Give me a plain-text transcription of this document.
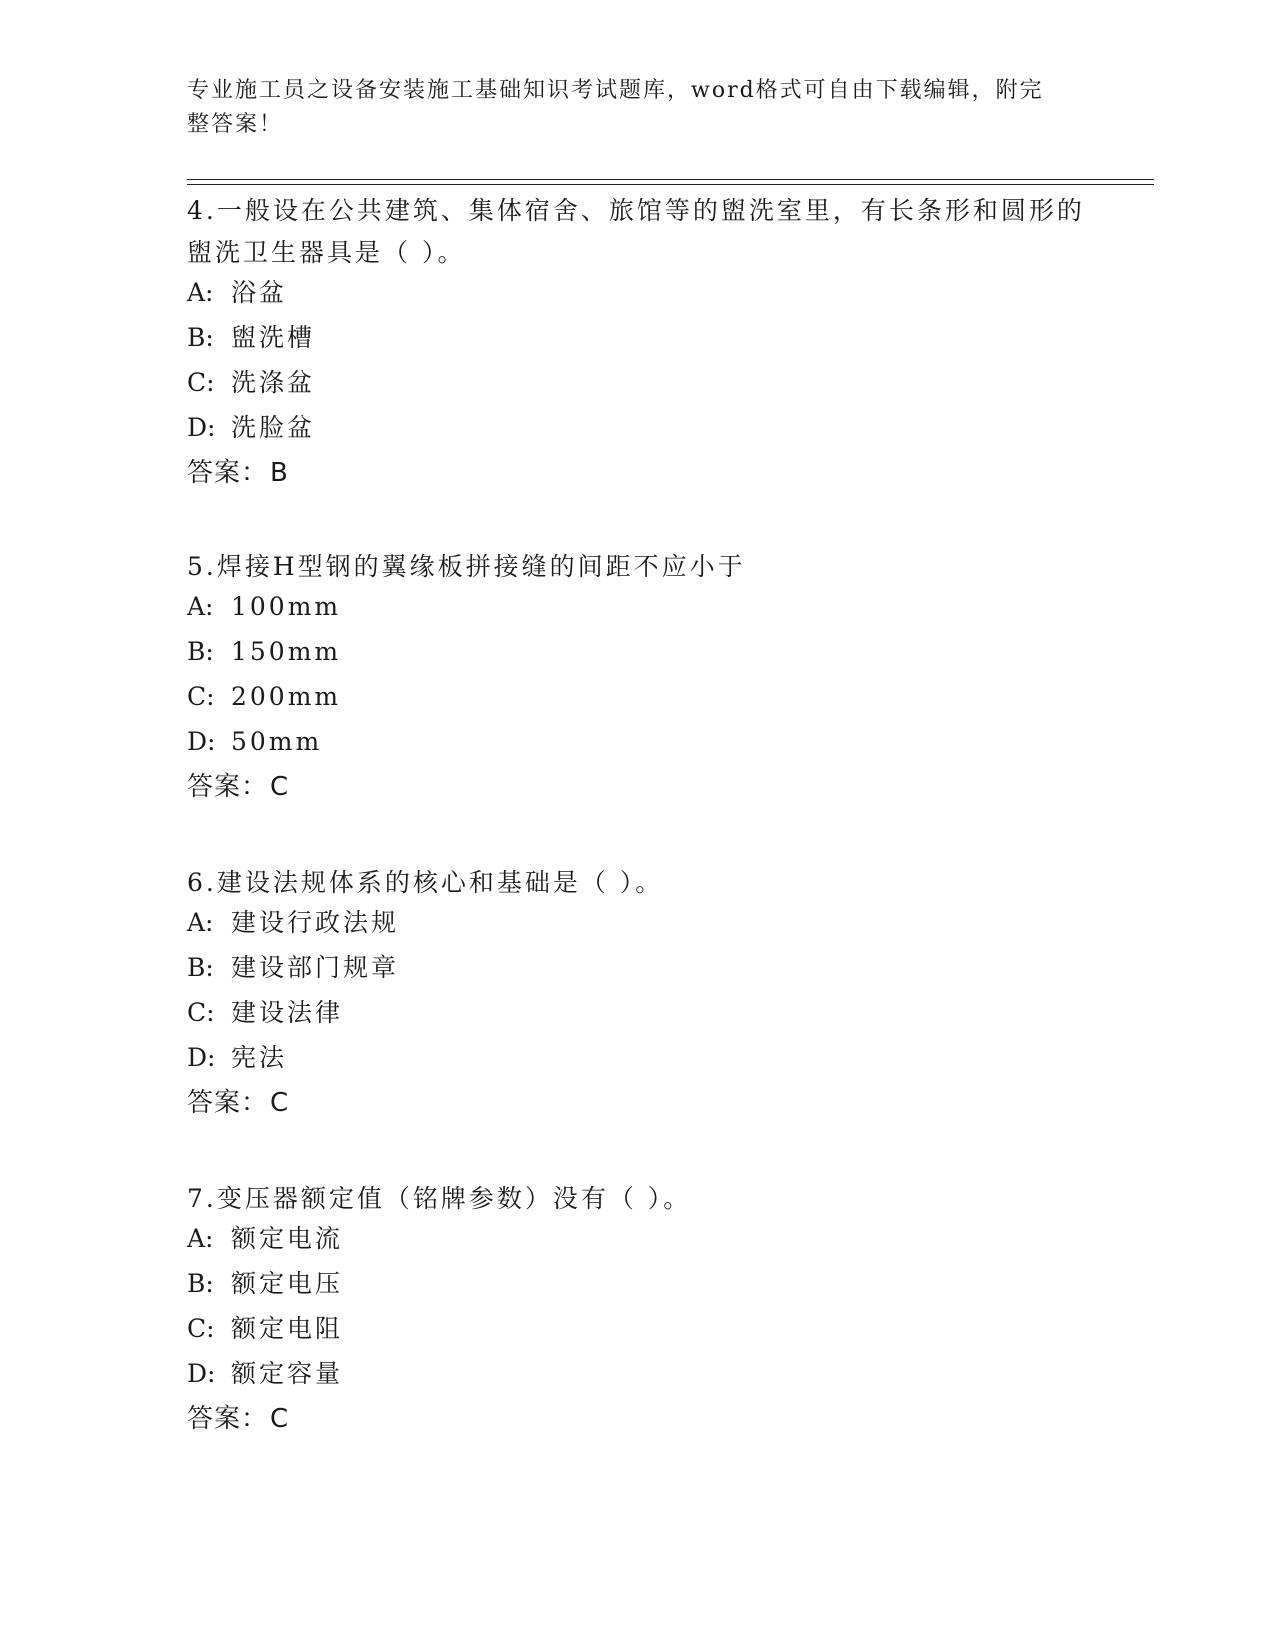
专业施工员之设备安装施工基础知识考试题库，word格式可自由下载编辑，附完整答案！

4.一般设在公共建筑、集体宿舍、旅馆等的盥洗室里，有长条形和圆形的盥洗卫生器具是（ ）。

A: 浴盆
B: 盥洗槽
C: 洗涤盆
D: 洗脸盆

答案：B

5.焊接H型钢的翼缘板拼接缝的间距不应小于

A: 100mm
B: 150mm
C: 200mm
D: 50mm

答案：C

6.建设法规体系的核心和基础是（ ）。

A: 建设行政法规
B: 建设部门规章
C: 建设法律
D: 宪法

答案：C

7.变压器额定值（铭牌参数）没有（ ）。

A: 额定电流
B: 额定电压
C: 额定电阻
D: 额定容量

答案：C
